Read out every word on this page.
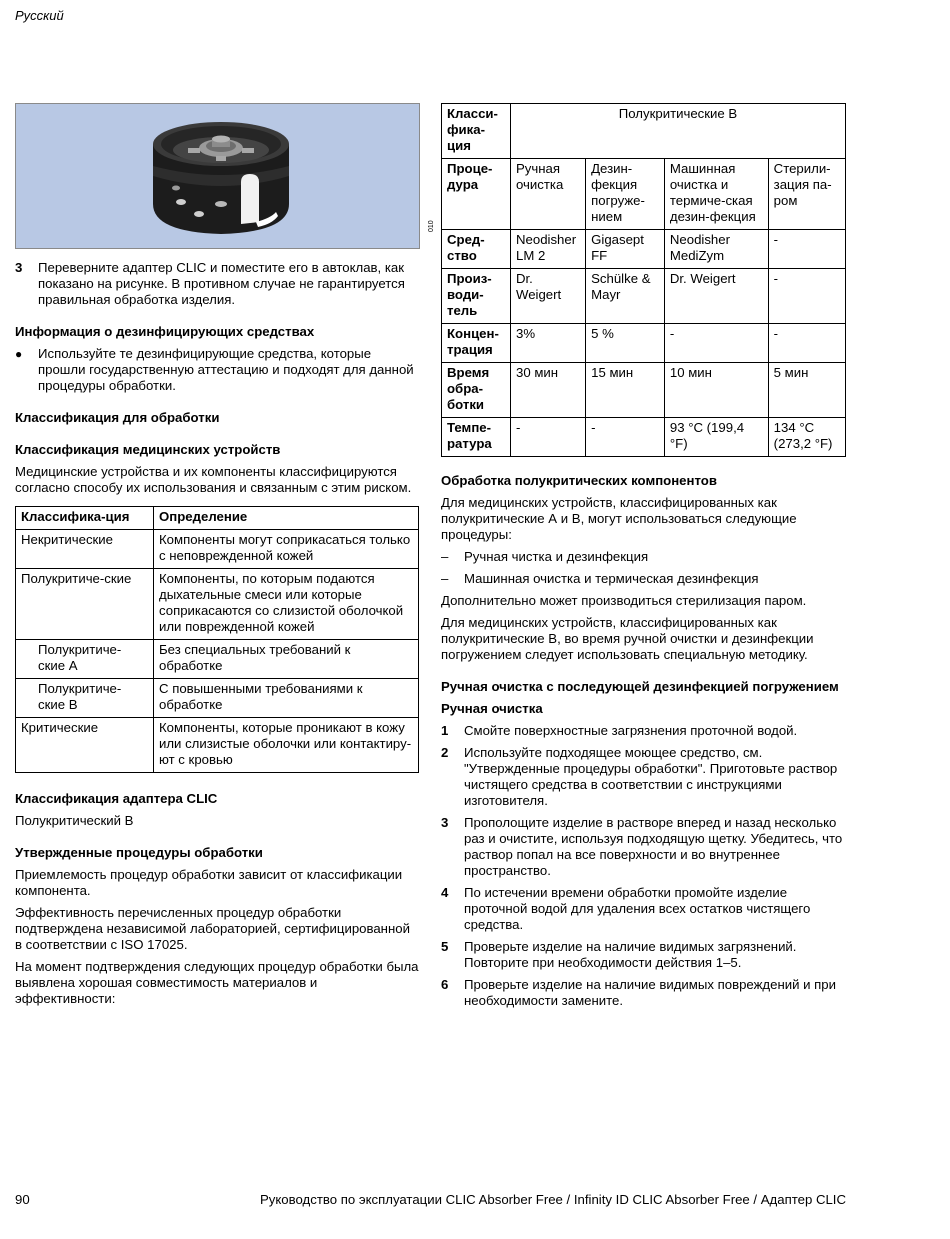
Русский
010
3	Переверните адаптер CLIC и поместите его в автоклав, как показано на рисунке. В противном случае не гарантируется правильная обработка изделия.
Информация о дезинфицирующих средствах
●	Используйте те дезинфицирующие средства, которые прошли государственную аттестацию и подходят для данной процедуры обработки.
Классификация для обработки
Классификация медицинских устройств

Медицинские устройства и их компоненты классифицируются согласно способу их использования и связанным с этим риском.

Классифика-ция	Определение
Некритические	Компоненты могут соприкасаться только с неповрежденной кожей
Полукритиче-ские	Компоненты, по которым подаются дыхательные смеси или которые соприкасаются со слизистой оболочкой или поврежденной кожей
Полукритиче-ские А	Без специальных требований к обработке
Полукритиче-ские В	С повышенными требованиями к обработке
Критические	Компоненты, которые проникают в кожу или слизистые оболочки или контактиру-ют с кровью
Классификация адаптера CLIC

Полукритический В

Утвержденные процедуры обработки

Приемлемость процедур обработки зависит от классификации компонента.

Эффективность перечисленных процедур обработки подтверждена независимой лабораторией, сертифицированной в соответствии с ISO 17025.

На момент подтверждения следующих процедур обработки была выявлена хорошая совместимость материалов и эффективности:

Класси-фика-ция	Полукритические В			
Проце-дура	Ручная очистка	Дезин-фекция погруже-нием	Машинная очистка и термиче-ская дезин-фекция	Стерили-зация па-ром
Сред-ство	Neodisher LM 2	Gigasept FF	Neodisher MediZym	-
Произ-води-тель	Dr. Weigert	Schülke & Mayr	Dr. Weigert	-
Концен-трация	3%	5 %	-	-
Время обра-ботки	30 мин	15 мин	10 мин	5 мин
Темпе-ратура	-	-	93 °C (199,4 °F)	134 °C (273,2 °F)
Обработка полукритических компонентов

Для медицинских устройств, классифицированных как полукритические А и В, могут использоваться следующие процедуры:

–	Ручная чистка и дезинфекция
–	Машинная очистка и термическая дезинфекция

Дополнительно может производиться стерилизация паром.

Для медицинских устройств, классифицированных как полукритические В, во время ручной очистки и дезинфекции погружением следует использовать специальную методику.

Ручная очистка с последующей дезинфекцией погружением
Ручная очистка
1	Смойте поверхностные загрязнения проточной водой.
2	Используйте подходящее моющее средство, см. "Утвержденные процедуры обработки". Приготовьте раствор чистящего средства в соответствии с инструкциями изготовителя.
3	Прополощите изделие в растворе вперед и назад несколько раз и очистите, используя подходящую щетку. Убедитесь, что раствор попал на все поверхности и во внутреннее пространство.
4	По истечении времени обработки промойте изделие проточной водой для удаления всех остатков чистящего средства.
5	Проверьте изделие на наличие видимых загрязнений. Повторите при необходимости действия 1–5.
6	Проверьте изделие на наличие видимых повреждений и при необходимости замените.
90	Руководство по эксплуатации CLIC Absorber Free / Infinity ID CLIC Absorber Free / Адаптер CLIC
